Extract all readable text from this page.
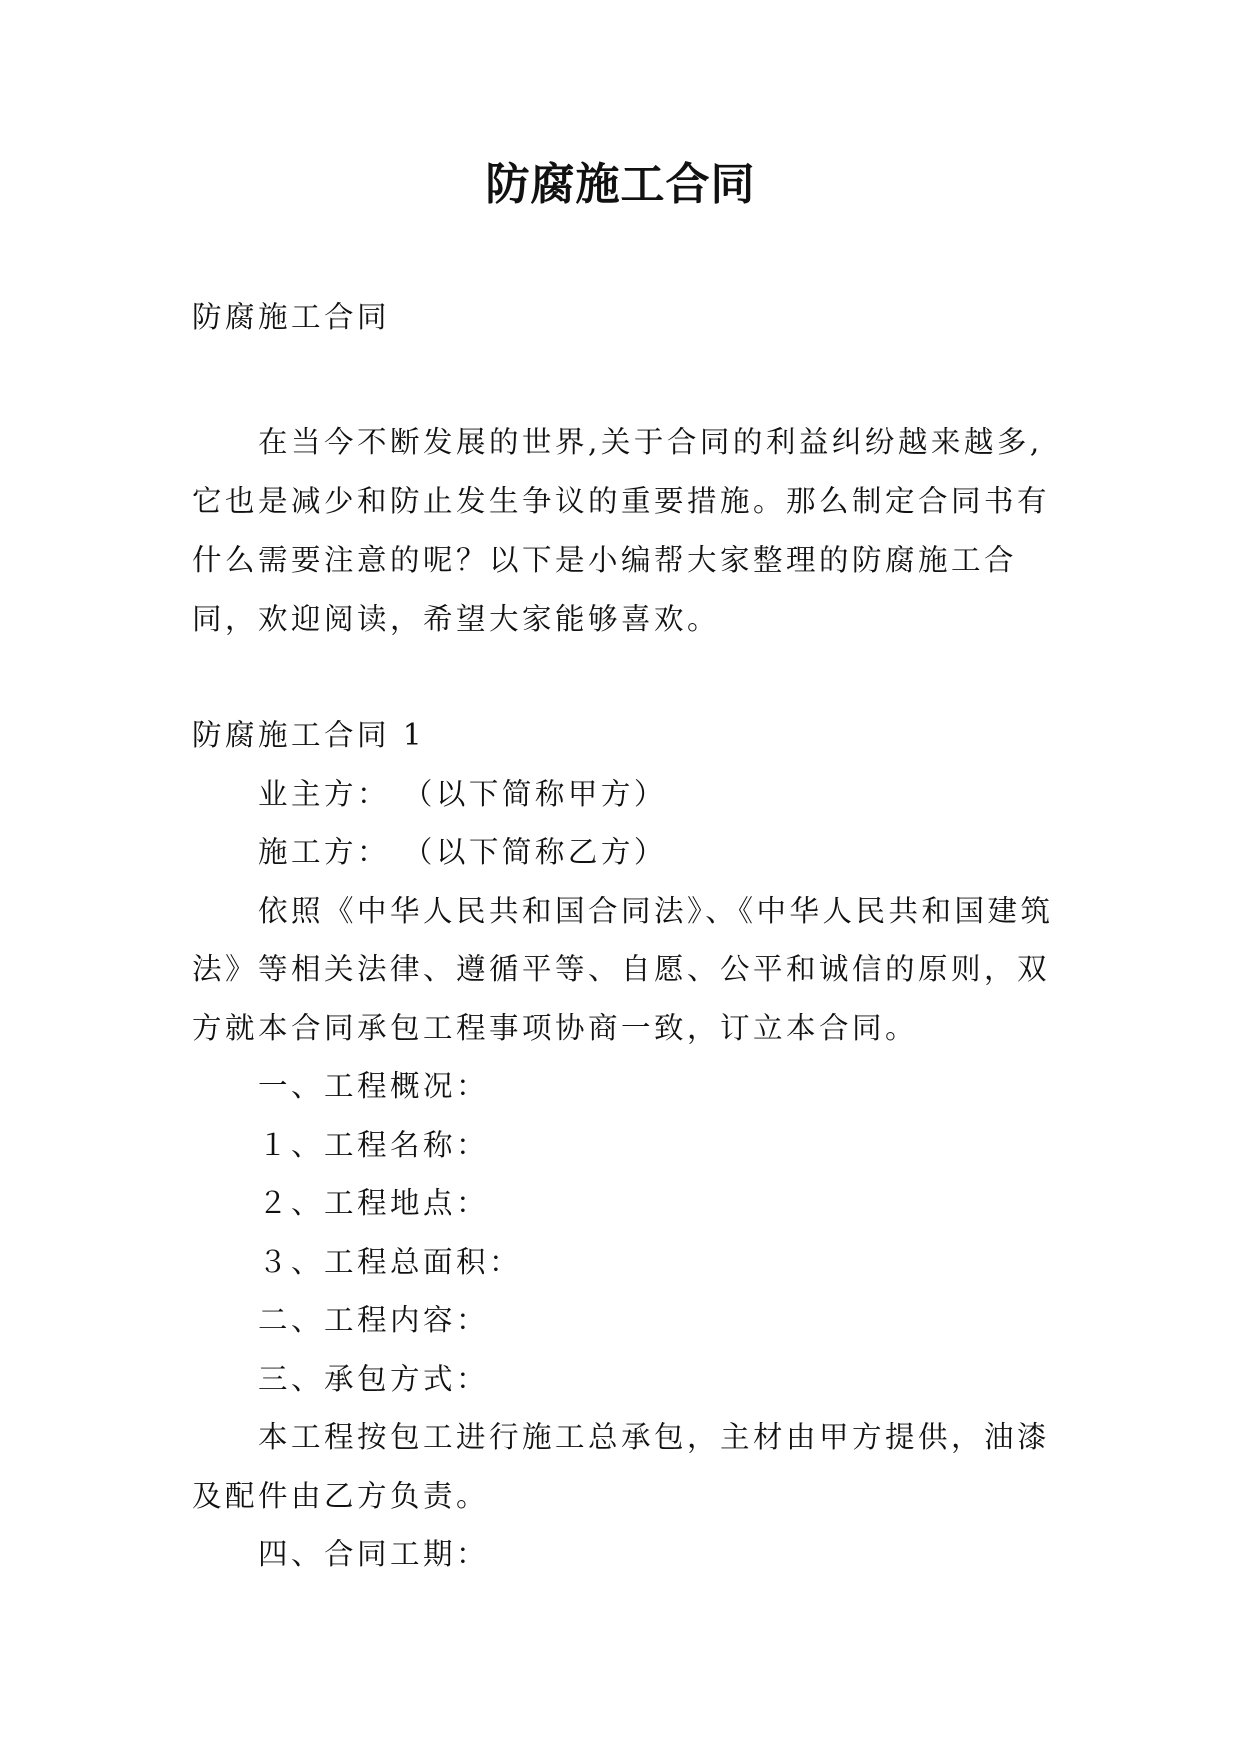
防腐施工合同

防腐施工合同

在当今不断发展的世界,关于合同的利益纠纷越来越多,它也是减少和防止发生争议的重要措施。那么制定合同书有什么需要注意的呢？以下是小编帮大家整理的防腐施工合同，欢迎阅读，希望大家能够喜欢。

防腐施工合同 1
业主方： （以下简称甲方）
施工方： （以下简称乙方）
依照《中华人民共和国合同法》、《中华人民共和国建筑法》等相关法律、遵循平等、自愿、公平和诚信的原则，双方就本合同承包工程事项协商一致，订立本合同。
一、工程概况：
１、工程名称：
２、工程地点：
３、工程总面积：
二、工程内容：
三、承包方式：
本工程按包工进行施工总承包，主材由甲方提供，油漆及配件由乙方负责。
四、合同工期：
